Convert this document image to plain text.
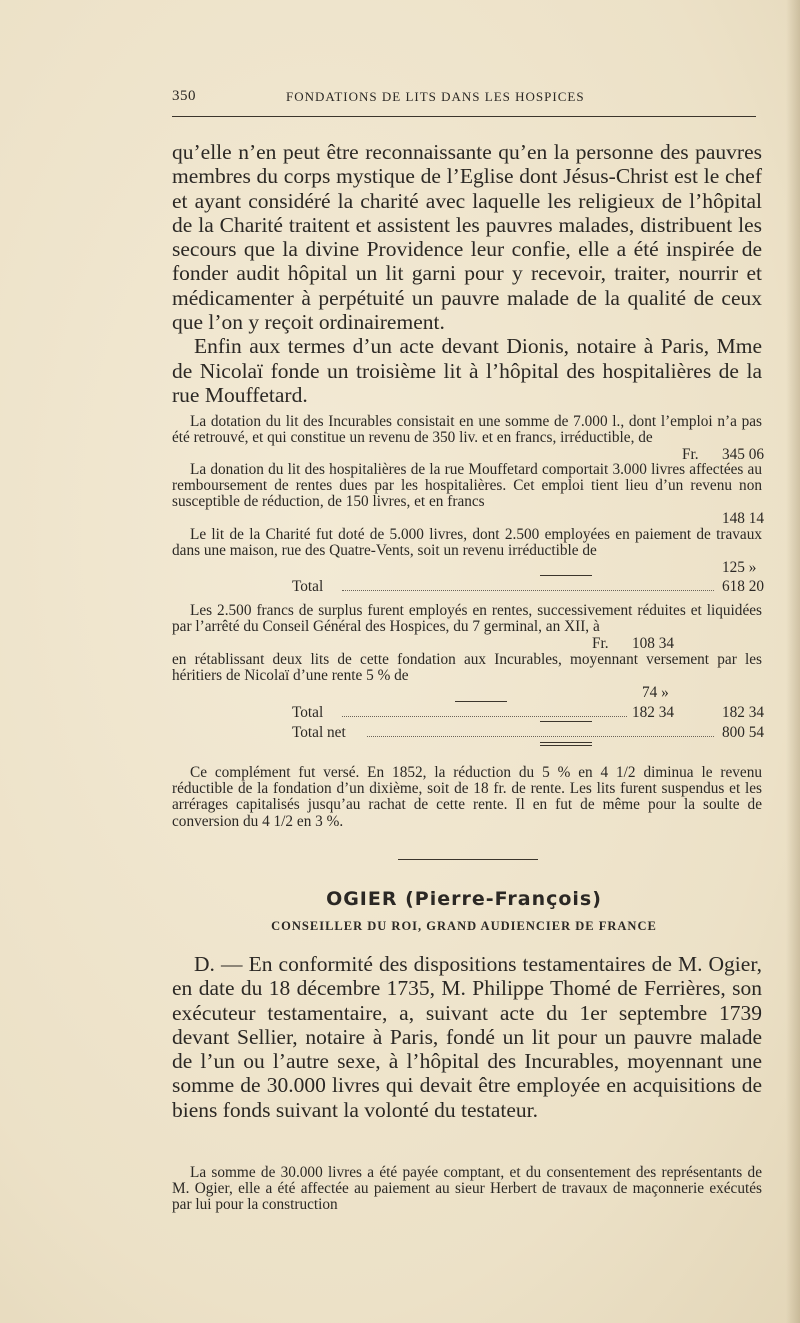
350	FONDATIONS DE LITS DANS LES HOSPICES

qu’elle n’en peut être reconnaissante qu’en la personne des pauvres membres du corps mystique de l’Eglise dont Jésus-Christ est le chef et ayant considéré la charité avec laquelle les religieux de l’hôpital de la Charité traitent et assistent les pauvres malades, distribuent les secours que la divine Providence leur confie, elle a été inspirée de fonder audit hôpital un lit garni pour y recevoir, traiter, nourrir et médicamenter à perpétuité un pauvre malade de la qualité de ceux que l’on y reçoit ordinairement.

Enfin aux termes d’un acte devant Dionis, notaire à Paris, Mme de Nicolaï fonde un troisième lit à l’hôpital des hospitalières de la rue Mouffetard.

La dotation du lit des Incurables consistait en une somme de 7.000 l., dont l’emploi n’a pas été retrouvé, et qui constitue un revenu de 350 liv. et en francs, irréductible, de

Fr. 345 06

La donation du lit des hospitalières de la rue Mouffetard comportait 3.000 livres affectées au remboursement de rentes dues par les hospitalières. Cet emploi tient lieu d’un revenu non susceptible de réduction, de 150 livres, et en francs

148 14

Le lit de la Charité fut doté de 5.000 livres, dont 2.500 employées en paiement de travaux dans une maison, rue des Quatre-Vents, soit un revenu irréductible de

125 »
Total	618 20

Les 2.500 francs de surplus furent employés en rentes, successivement réduites et liquidées par l’arrêté du Conseil Général des Hospices, du 7 germinal, an XII, à

Fr. 108 34

en rétablissant deux lits de cette fondation aux Incurables, moyennant versement par les héritiers de Nicolaï d’une rente 5 % de

74 »
Total	182 34	182 34
Total net	800 54

Ce complément fut versé. En 1852, la réduction du 5 % en 4 1/2 diminua le revenu réductible de la fondation d’un dixième, soit de 18 fr. de rente. Les lits furent suspendus et les arrérages capitalisés jusqu’au rachat de cette rente. Il en fut de même pour la soulte de conversion du 4 1/2 en 3 %.

OGIER (Pierre-François)
CONSEILLER DU ROI, GRAND AUDIENCIER DE FRANCE

D. — En conformité des dispositions testamentaires de M. Ogier, en date du 18 décembre 1735, M. Philippe Thomé de Ferrières, son exécuteur testamentaire, a, suivant acte du 1er septembre 1739 devant Sellier, notaire à Paris, fondé un lit pour un pauvre malade de l’un ou l’autre sexe, à l’hôpital des Incurables, moyennant une somme de 30.000 livres qui devait être employée en acquisitions de biens fonds suivant la volonté du testateur.

La somme de 30.000 livres a été payée comptant, et du consentement des représentants de M. Ogier, elle a été affectée au paiement au sieur Herbert de travaux de maçonnerie exécutés par lui pour la construction
